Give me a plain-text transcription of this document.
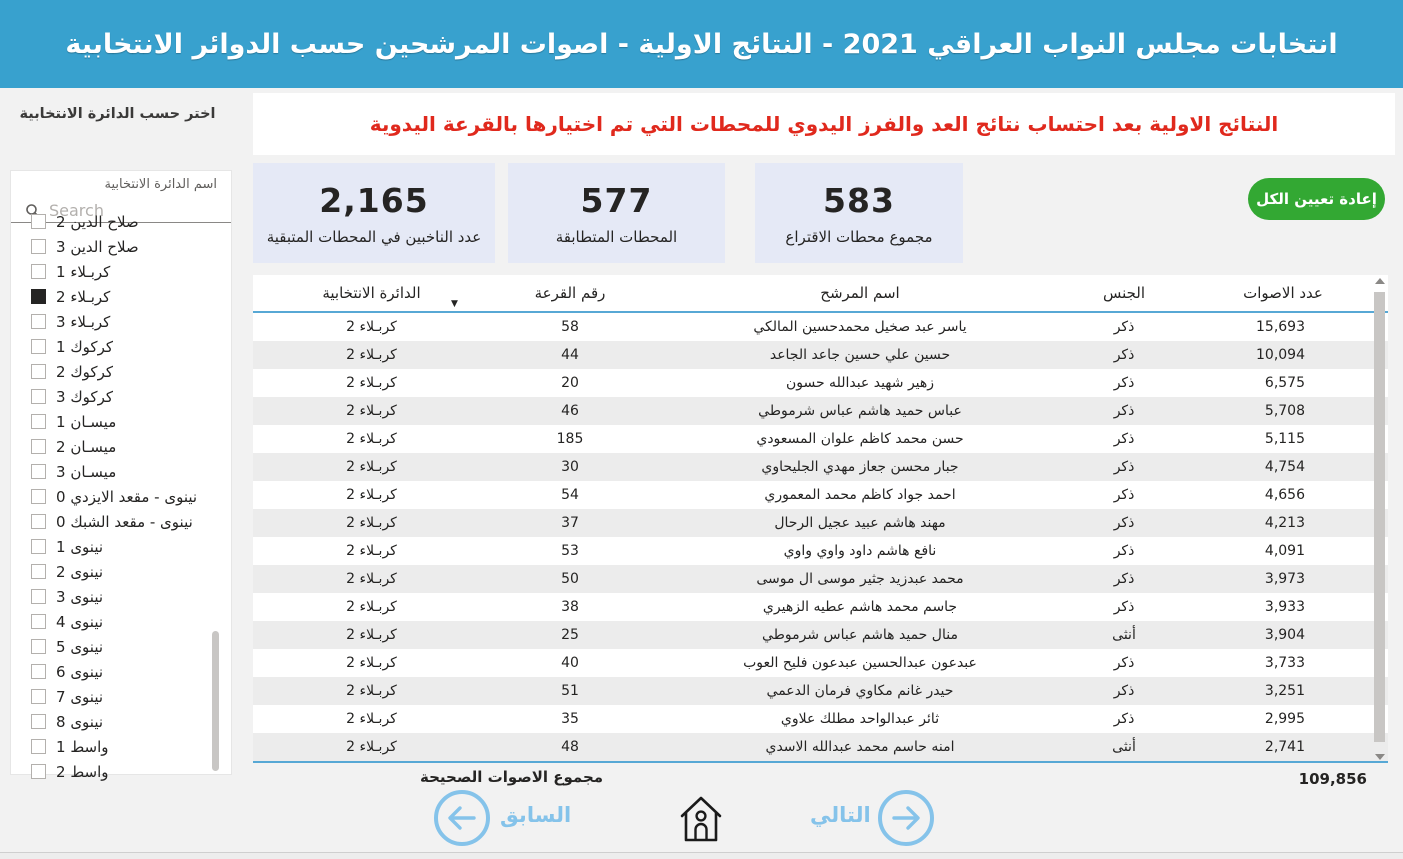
انتخابات مجلس النواب العراقي 2021 - النتائج الاولية - اصوات المرشحين حسب الدوائر الانتخابية
اختر حسب الدائرة الانتخابية
اسم الدائرة الانتخابية
Search
صلاح الدين 2
صلاح الدين 3
كربـلاء 1
كربـلاء 2
كربـلاء 3
كركوك 1
كركوك 2
كركوك 3
ميسـان 1
ميسـان 2
ميسـان 3
نينوى - مقعد الايزدي 0
نينوى - مقعد الشبك 0
نينوى 1
نينوى 2
نينوى 3
نينوى 4
نينوى 5
نينوى 6
نينوى 7
نينوى 8
واسط 1
واسط 2
النتائج الاولية بعد احتساب نتائج العد والفرز اليدوي للمحطات التي تم اختيارها بالقرعة اليدوية
2,165
عدد الناخبين في المحطات المتبقية
577
المحطات المتطابقة
583
مجموع محطات الاقتراع
إعادة تعيين الكل
عدد الاصوات
الجنس
اسم المرشح
رقم القرعة
الدائرة الانتخابية
▼
15,693
ذكر
ياسر عبد صخيل محمدحسين المالكي
58
كربـلاء 2
10,094
ذكر
حسين علي حسين جاعد الجاعد
44
كربـلاء 2
6,575
ذكر
زهير شهيد عبدالله حسون
20
كربـلاء 2
5,708
ذكر
عباس حميد هاشم عباس شرموطي
46
كربـلاء 2
5,115
ذكر
حسن محمد كاظم علوان المسعودي
185
كربـلاء 2
4,754
ذكر
جبار محسن جعاز مهدي الجليحاوي
30
كربـلاء 2
4,656
ذكر
احمد جواد كاظم محمد المعموري
54
كربـلاء 2
4,213
ذكر
مهند هاشم عبيد عجيل الرحال
37
كربـلاء 2
4,091
ذكر
نافع هاشم داود واوي واوي
53
كربـلاء 2
3,973
ذكر
محمد عبدزيد جثير موسى ال موسى
50
كربـلاء 2
3,933
ذكر
جاسم محمد هاشم عطيه الزهيري
38
كربـلاء 2
3,904
أنثى
منال حميد هاشم عباس شرموطي
25
كربـلاء 2
3,733
ذكر
عبدعون عبدالحسين عبدعون فليح العوب
40
كربـلاء 2
3,251
ذكر
حيدر غانم مكاوي فرمان الدعمي
51
كربـلاء 2
2,995
ذكر
ثائر عبدالواحد مطلك علاوي
35
كربـلاء 2
2,741
أنثى
امنه حاسم محمد عبدالله الاسدي
48
كربـلاء 2
مجموع الاصوات الصحيحة	109,856
السابق	التالي
